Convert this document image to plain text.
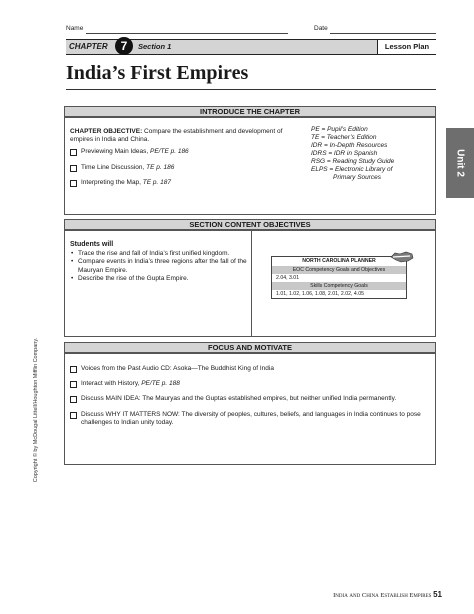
Name	Date
CHAPTER	7	Section 1	Lesson Plan
India’s First Empires
Unit 2
Copyright © by McDougal Littell/Houghton Mifflin Company.
INTRODUCE THE CHAPTER
CHAPTER OBJECTIVE: Compare the establishment and development of empires in India and China.
Previewing Main Ideas, PE/TE p. 186
Time Line Discussion, TE p. 186
Interpreting the Map, TE p. 187
PE = Pupil’s Edition
TE = Teacher’s Edition
IDR = In-Depth Resources
IDRS = IDR in Spanish
RSG = Reading Study Guide
ELPS = Electronic Library of
Primary Sources
SECTION CONTENT OBJECTIVES
Students will
• Trace the rise and fall of India’s first unified kingdom.
• Compare events in India’s three regions after the fall of the Mauryan Empire.
• Describe the rise of the Gupta Empire.
NORTH CAROLINA PLANNER
EOC Competency Goals and Objectives
2.04, 3.01
Skills Competency Goals
1.01, 1.02, 1.06, 1.08, 2.01, 2.02, 4.05
FOCUS AND MOTIVATE
Voices from the Past Audio CD: Asoka—The Buddhist King of India
Interact with History, PE/TE p. 188
Discuss MAIN IDEA: The Mauryas and the Guptas established empires, but neither unified India permanently.
Discuss WHY IT MATTERS NOW: The diversity of peoples, cultures, beliefs, and languages in India continues to pose challenges to Indian unity today.
India and China Establish Empires 51
